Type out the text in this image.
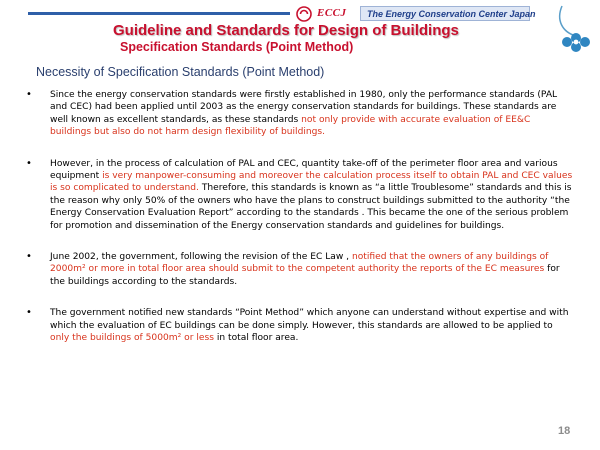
ECCJ	The Energy Conservation Center Japan
Guideline and Standards for Design of Buildings
Specification Standards (Point Method)
Necessity of Specification Standards (Point Method)

• Since the energy conservation standards were firstly established in 1980, only the performance standards (PAL and CEC) had been applied until 2003 as the energy conservation standards for buildings. These standards are well known as excellent standards, as these standards not only provide with accurate evaluation of EE&C buildings but also do not harm design flexibility of buildings.

• However, in the process of calculation of PAL and CEC, quantity take-off of the perimeter floor area and various equipment is very manpower-consuming and moreover the calculation process itself to obtain PAL and CEC values is so complicated to understand. Therefore, this standards is known as “a little Troublesome” standards and this is the reason why only 50% of the owners who have the plans to construct buildings submitted to the authority “the Energy Conservation Evaluation Report” according to the standards . This became the one of the serious problem for promotion and dissemination of the Energy conservation standards and guidelines for buildings.

• June 2002, the government, following the revision of the EC Law , notified that the owners of any buildings of 2000m² or more in total floor area should submit to the competent authority the reports of the EC measures for the buildings according to the standards.

• The government notified new standards “Point Method” which anyone can understand without expertise and with which the evaluation of EC buildings can be done simply. However, this standards are allowed to be applied to only the buildings of 5000m² or less in total floor area.

18
